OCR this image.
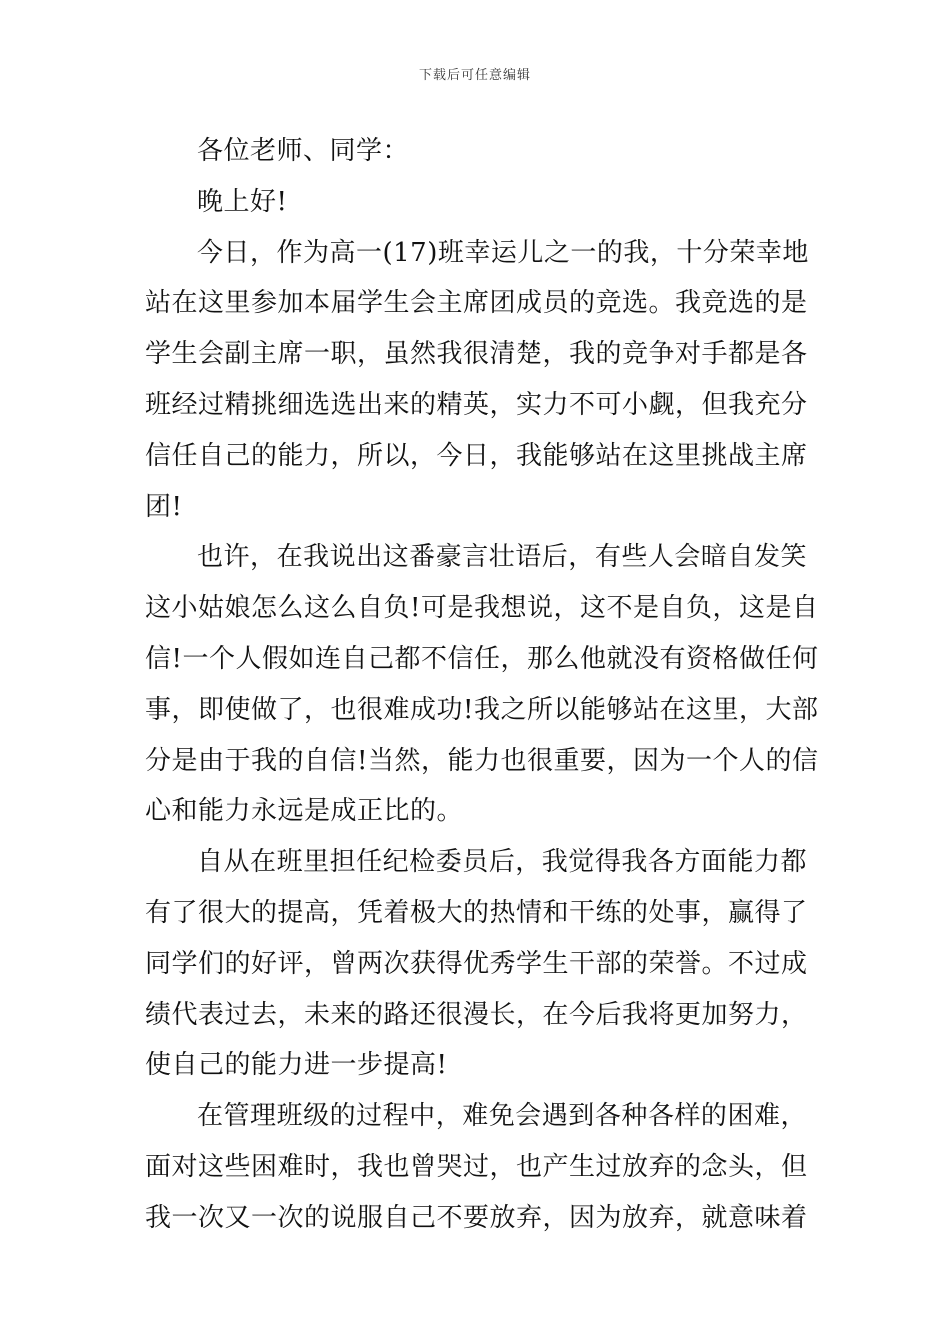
下载后可任意编辑
各位老师、同学：
晚上好!
今日，作为高一(17)班幸运儿之一的我，十分荣幸地
站在这里参加本届学生会主席团成员的竞选。我竞选的是
学生会副主席一职，虽然我很清楚，我的竞争对手都是各
班经过精挑细选选出来的精英，实力不可小觑，但我充分
信任自己的能力，所以，今日，我能够站在这里挑战主席
团!
也许，在我说出这番豪言壮语后，有些人会暗自发笑
这小姑娘怎么这么自负!可是我想说，这不是自负，这是自
信!一个人假如连自己都不信任，那么他就没有资格做任何
事，即使做了，也很难成功!我之所以能够站在这里，大部
分是由于我的自信!当然，能力也很重要，因为一个人的信
心和能力永远是成正比的。
自从在班里担任纪检委员后，我觉得我各方面能力都
有了很大的提高，凭着极大的热情和干练的处事，赢得了
同学们的好评，曾两次获得优秀学生干部的荣誉。不过成
绩代表过去，未来的路还很漫长，在今后我将更加努力，
使自己的能力进一步提高!
在管理班级的过程中，难免会遇到各种各样的困难，
面对这些困难时，我也曾哭过，也产生过放弃的念头，但
我一次又一次的说服自己不要放弃，因为放弃，就意味着
